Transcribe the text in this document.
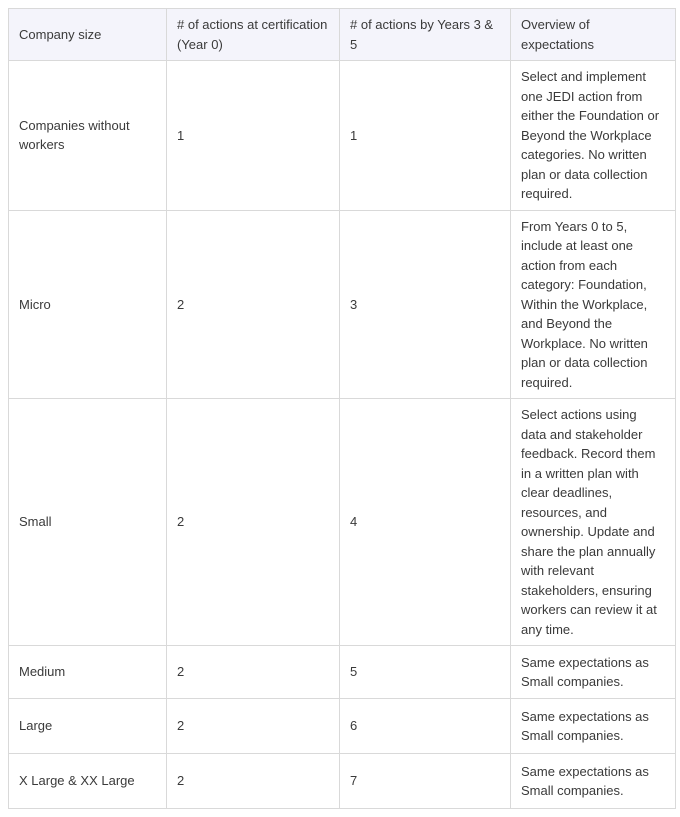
Company size	# of actions at certification (Year 0)	# of actions by Years 3 & 5	Overview of expectations
Companies without workers	1	1	Select and implement one JEDI action from either the Foundation or Beyond the Workplace categories. No written plan or data collection required.
Micro	2	3	From Years 0 to 5, include at least one action from each category: Foundation, Within the Workplace, and Beyond the Workplace. No written plan or data collection required.
Small	2	4	Select actions using data and stakeholder feedback. Record them in a written plan with clear deadlines, resources, and ownership. Update and share the plan annually with relevant stakeholders, ensuring workers can review it at any time.
Medium	2	5	Same expectations as Small companies.
Large	2	6	Same expectations as Small companies.
X Large & XX Large	2	7	Same expectations as Small companies.
